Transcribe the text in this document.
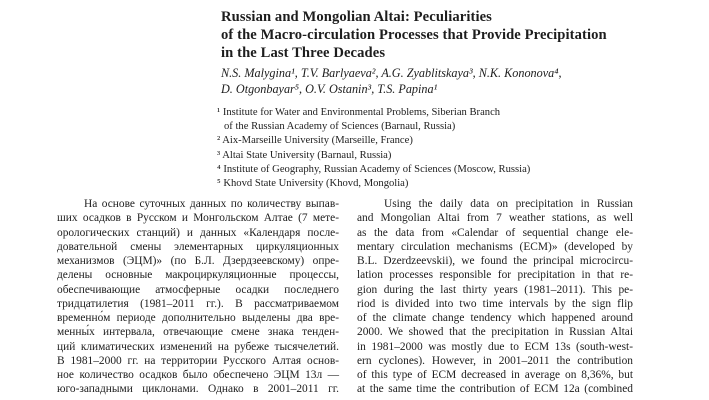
Russian and Mongolian Altai: Peculiarities
of the Macro-circulation Processes that Provide Precipitation
in the Last Three Decades
N.S. Malygina¹, T.V. Barlyaeva², A.G. Zyablitskaya³, N.K. Kononova⁴,
D. Otgonbayar⁵, O.V. Ostanin³, T.S. Papina¹
¹ Institute for Water and Environmental Problems, Siberian Branch
of the Russian Academy of Sciences (Barnaul, Russia)
² Aix-Marseille University (Marseille, France)
³ Altai State University (Barnaul, Russia)
⁴ Institute of Geography, Russian Academy of Sciences (Moscow, Russia)
⁵ Khovd State University (Khovd, Mongolia)
На основе суточных данных по количеству выпав-
ших осадков в Русском и Монгольском Алтае (7 мете-
орологических станций) и данных «Календаря после-
довательной смены элементарных циркуляционных
механизмов (ЭЦМ)» (по Б.Л. Дзердзеевскому) опре-
делены основные макроциркуляционные процессы,
обеспечивающие атмосферные осадки последнего
тридцатилетия (1981–2011 гг.). В рассматриваемом
временно́м периоде дополнительно выделены два вре-
менны́х интервала, отвечающие смене знака тенден-
ций климатических изменений на рубеже тысячелетий.
В 1981–2000 гг. на территории Русского Алтая основ-
ное количество осадков было обеспечено ЭЦМ 13л —
юго-западными циклонами. Однако в 2001–2011 гг.
Using the daily data on precipitation in Russian
and Mongolian Altai from 7 weather stations, as well
as the data from «Calendar of sequential change ele-
mentary circulation mechanisms (ECM)» (developed by
B.L. Dzerdzeevskii), we found the principal microcircu-
lation processes responsible for precipitation in that re-
gion during the last thirty years (1981–2011). This pe-
riod is divided into two time intervals by the sign flip
of the climate change tendency which happened around
2000. We showed that the precipitation in Russian Altai
in 1981–2000 was mostly due to ECM 13s (south-west-
ern cyclones). However, in 2001–2011 the contribution
of this type of ECM decreased in average on 8,36%, but
at the same time the contribution of ECM 12a (combined
